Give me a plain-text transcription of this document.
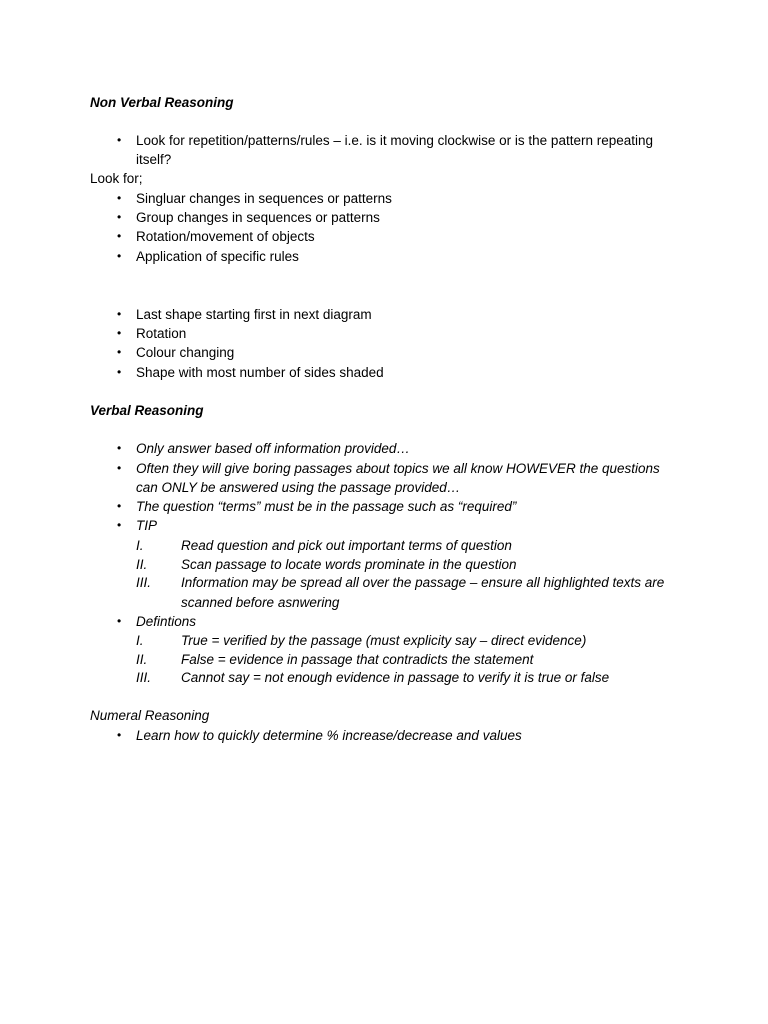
Non Verbal Reasoning
• Look for repetition/patterns/rules – i.e. is it moving clockwise or is the pattern repeating
itself?
Look for;
• Singluar changes in sequences or patterns
• Group changes in sequences or patterns
• Rotation/movement of objects
• Application of specific rules
• Last shape starting first in next diagram
• Rotation
• Colour changing
• Shape with most number of sides shaded
Verbal Reasoning
• Only answer based off information provided…
• Often they will give boring passages about topics we all know HOWEVER the questions
can ONLY be answered using the passage provided…
• The question “terms” must be in the passage such as “required”
• TIP
I.	Read question and pick out important terms of question
II. Scan passage to locate words prominate in the question
III. Information may be spread all over the passage – ensure all highlighted texts are
scanned before asnwering
• Defintions
I.	True = verified by the passage (must explicity say – direct evidence)
II. False = evidence in passage that contradicts the statement
III. Cannot say = not enough evidence in passage to verify it is true or false
Numeral Reasoning
• Learn how to quickly determine % increase/decrease and values
